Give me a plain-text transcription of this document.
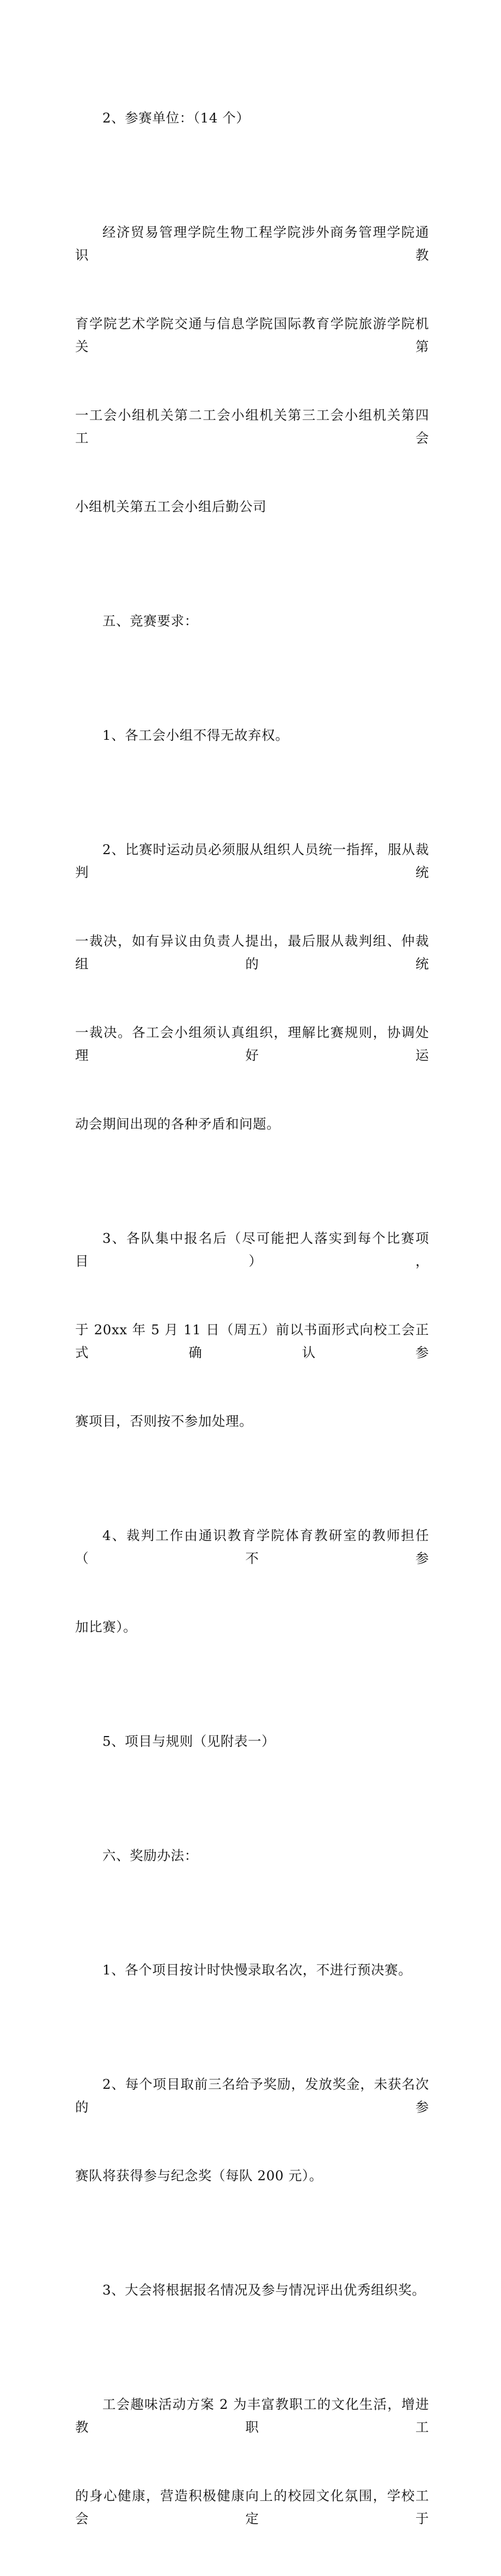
2、参赛单位：（14 个）

经济贸易管理学院生物工程学院涉外商务管理学院通识教

育学院艺术学院交通与信息学院国际教育学院旅游学院机关第

一工会小组机关第二工会小组机关第三工会小组机关第四工会

小组机关第五工会小组后勤公司

五、竞赛要求：

1、各工会小组不得无故弃权。

2、比赛时运动员必须服从组织人员统一指挥，服从裁判统

一裁决，如有异议由负责人提出，最后服从裁判组、仲裁组的统

一裁决。各工会小组须认真组织，理解比赛规则，协调处理好运

动会期间出现的各种矛盾和问题。

3、各队集中报名后（尽可能把人落实到每个比赛项目），

于 20xx 年 5 月 11 日（周五）前以书面形式向校工会正式确认参

赛项目，否则按不参加处理。

4、裁判工作由通识教育学院体育教研室的教师担任（不参

加比赛）。

5、项目与规则（见附表一）

六、奖励办法：

1、各个项目按计时快慢录取名次，不进行预决赛。

2、每个项目取前三名给予奖励，发放奖金，未获名次的参

赛队将获得参与纪念奖（每队 200 元）。

3、大会将根据报名情况及参与情况评出优秀组织奖。

工会趣味活动方案 2 为丰富教职工的文化生活，增进教职工

的身心健康，营造积极健康向上的校园文化氛围，学校工会定于
